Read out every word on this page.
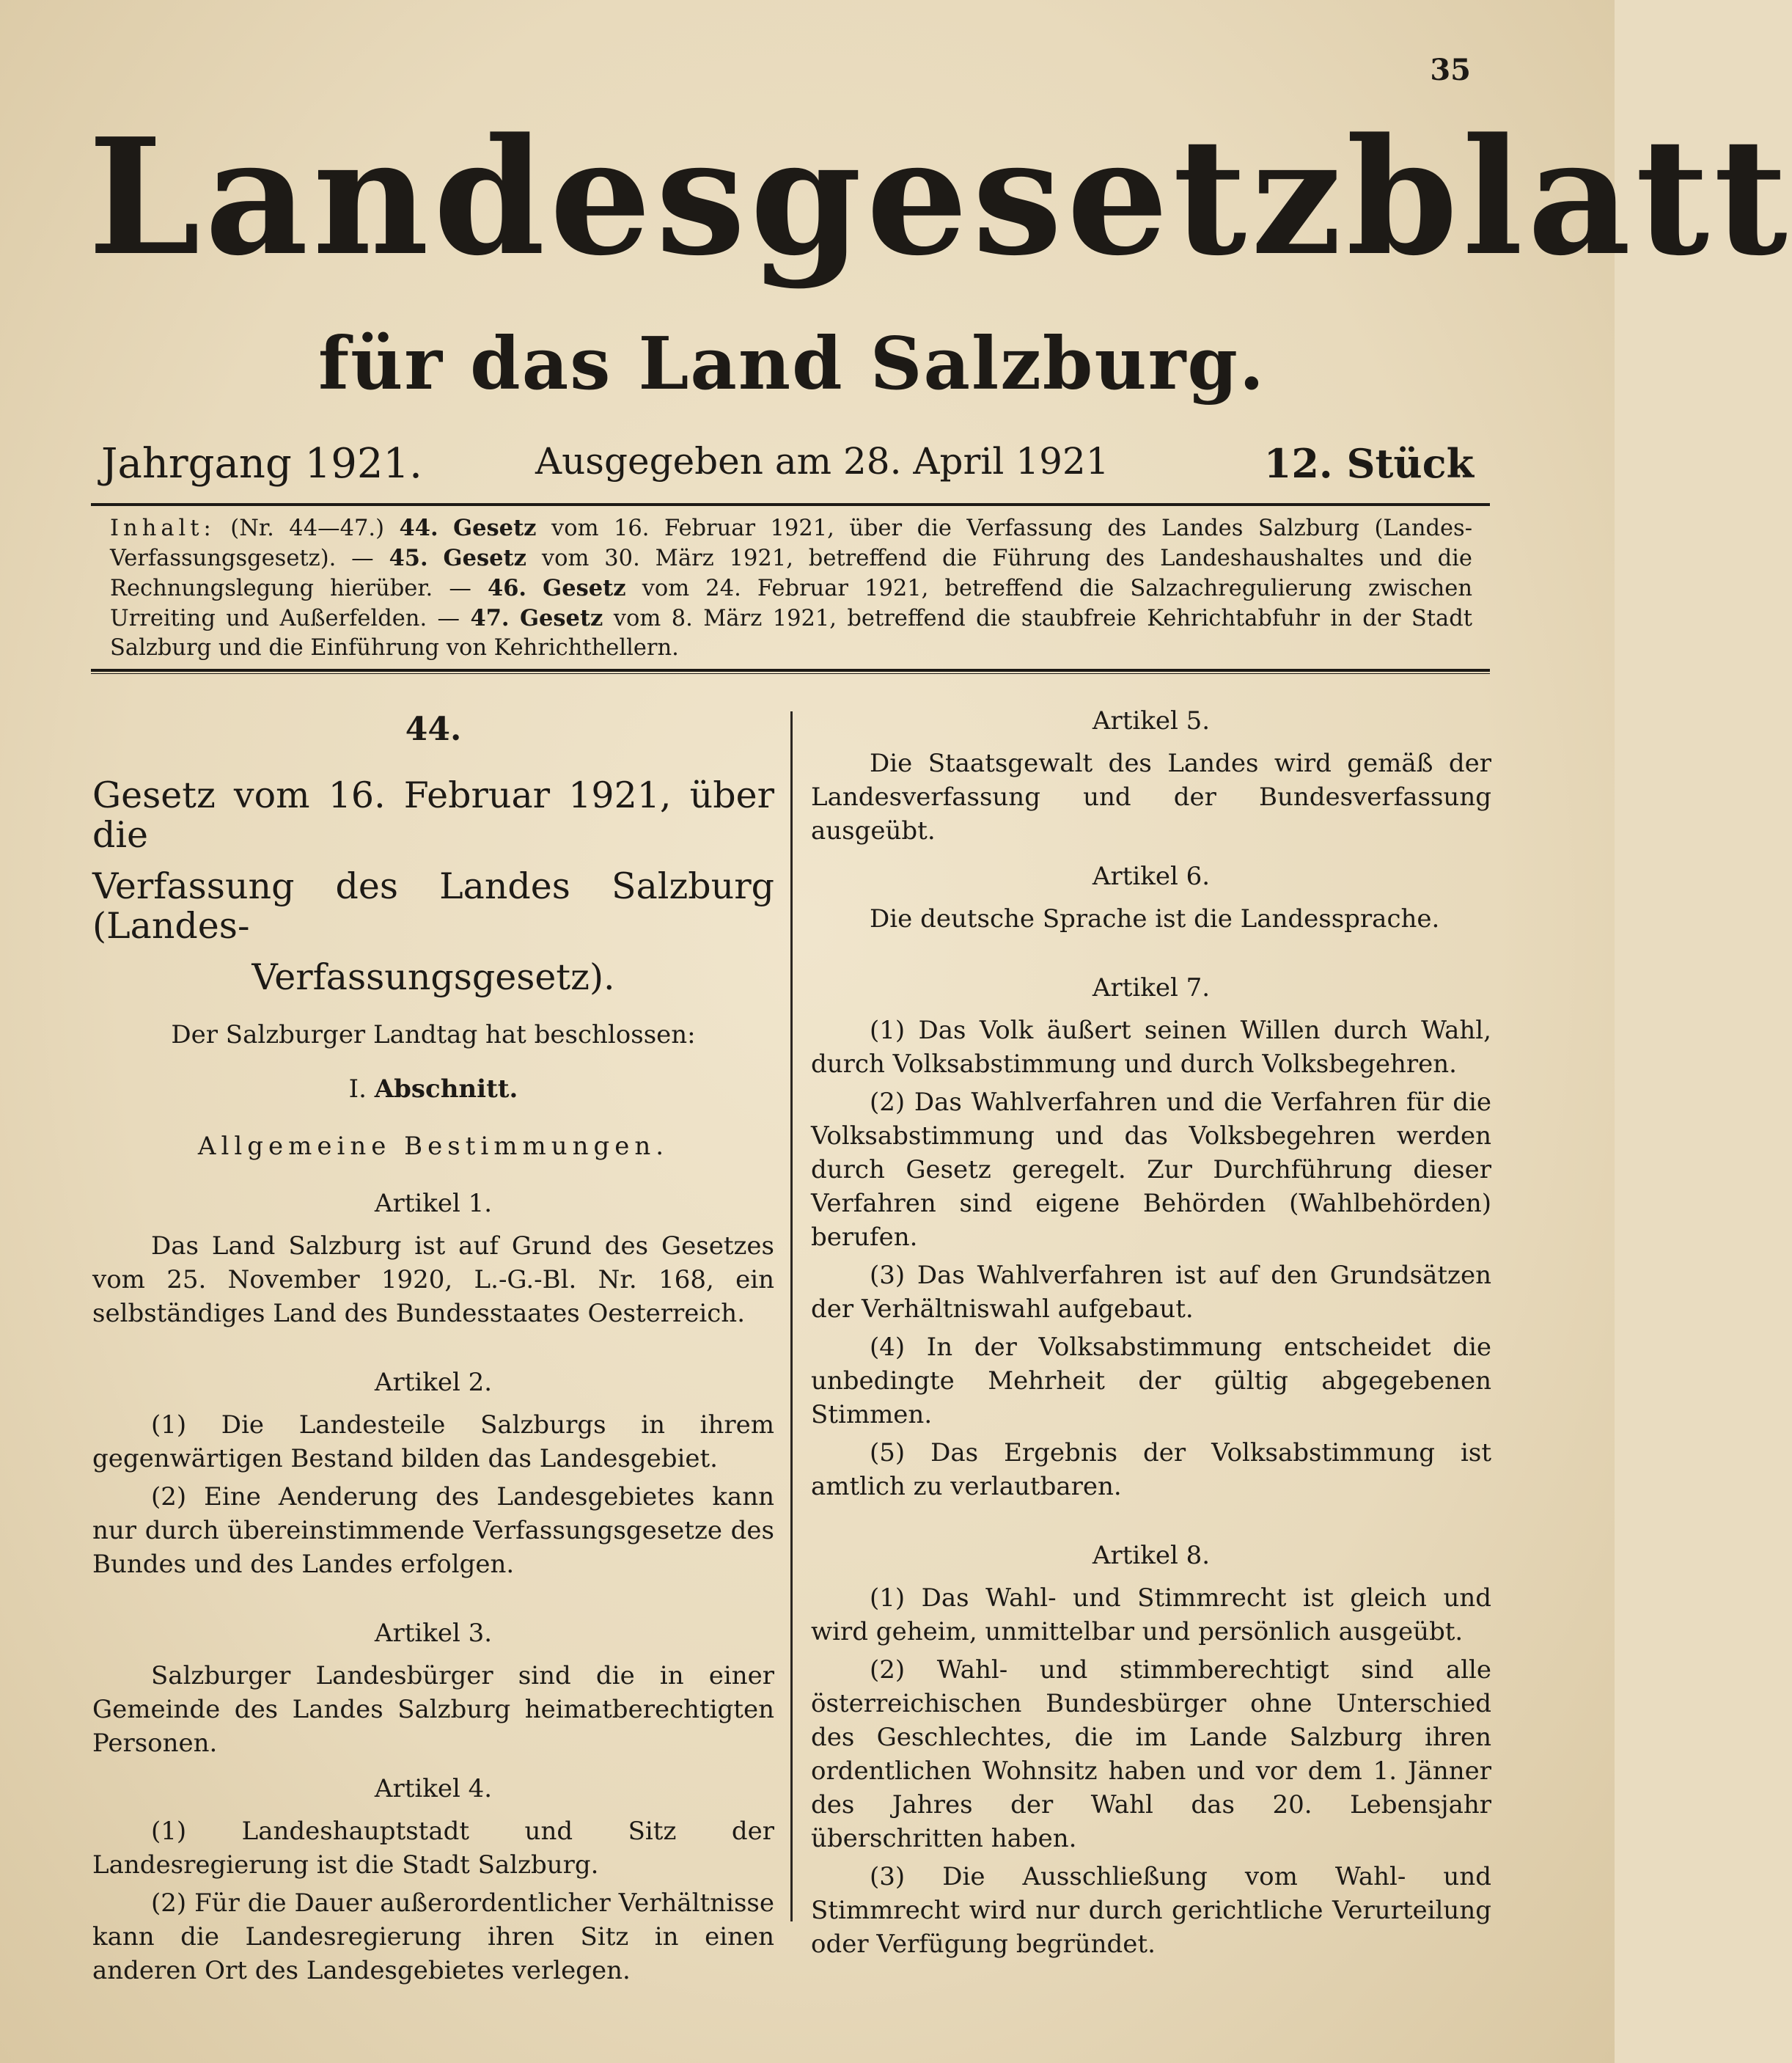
35
Landesgesetzblatt
für das Land Salzburg.
Jahrgang 1921.	Ausgegeben am 28. April 1921	12. Stück
Inhalt: (Nr. 44—47.) 44. Gesetz vom 16. Februar 1921, über die Verfassung des Landes Salzburg (Landes-Verfassungsgesetz). — 45. Gesetz vom 30. März 1921, betreffend die Führung des Landeshaushaltes und die Rechnungslegung hierüber. — 46. Gesetz vom 24. Februar 1921, betreffend die Salzachregulierung zwischen Urreiting und Außerfelden. — 47. Gesetz vom 8. März 1921, betreffend die staubfreie Kehrichtabfuhr in der Stadt Salzburg und die Einführung von Kehrichthellern.
44.
Gesetz vom 16. Februar 1921, über die
Verfassung des Landes Salzburg (Landes-
Verfassungsgesetz).
Der Salzburger Landtag hat beschlossen:
I. Abschnitt.
Allgemeine Bestimmungen.
Artikel 1.

Das Land Salzburg ist auf Grund des Gesetzes vom 25. November 1920, L.-G.-Bl. Nr. 168, ein selbständiges Land des Bundesstaates Oesterreich.

Artikel 2.

(1) Die Landesteile Salzburgs in ihrem gegenwärtigen Bestand bilden das Landesgebiet.

(2) Eine Aenderung des Landesgebietes kann nur durch übereinstimmende Verfassungsgesetze des Bundes und des Landes erfolgen.

Artikel 3.

Salzburger Landesbürger sind die in einer Gemeinde des Landes Salzburg heimatberechtigten Personen.

Artikel 4.

(1) Landeshauptstadt und Sitz der Landesregierung ist die Stadt Salzburg.

(2) Für die Dauer außerordentlicher Verhältnisse kann die Landesregierung ihren Sitz in einen anderen Ort des Landesgebietes verlegen.

Artikel 5.

Die Staatsgewalt des Landes wird gemäß der Landesverfassung und der Bundesverfassung ausgeübt.

Artikel 6.

Die deutsche Sprache ist die Landessprache.

Artikel 7.

(1) Das Volk äußert seinen Willen durch Wahl, durch Volksabstimmung und durch Volksbegehren.

(2) Das Wahlverfahren und die Verfahren für die Volksabstimmung und das Volksbegehren werden durch Gesetz geregelt. Zur Durchführung dieser Verfahren sind eigene Behörden (Wahlbehörden) berufen.

(3) Das Wahlverfahren ist auf den Grundsätzen der Verhältniswahl aufgebaut.

(4) In der Volksabstimmung entscheidet die unbedingte Mehrheit der gültig abgegebenen Stimmen.

(5) Das Ergebnis der Volksabstimmung ist amtlich zu verlautbaren.

Artikel 8.

(1) Das Wahl- und Stimmrecht ist gleich und wird geheim, unmittelbar und persönlich ausgeübt.

(2) Wahl- und stimmberechtigt sind alle österreichischen Bundesbürger ohne Unterschied des Geschlechtes, die im Lande Salzburg ihren ordentlichen Wohnsitz haben und vor dem 1. Jänner des Jahres der Wahl das 20. Lebensjahr überschritten haben.

(3) Die Ausschließung vom Wahl- und Stimmrecht wird nur durch gerichtliche Verurteilung oder Verfügung begründet.
